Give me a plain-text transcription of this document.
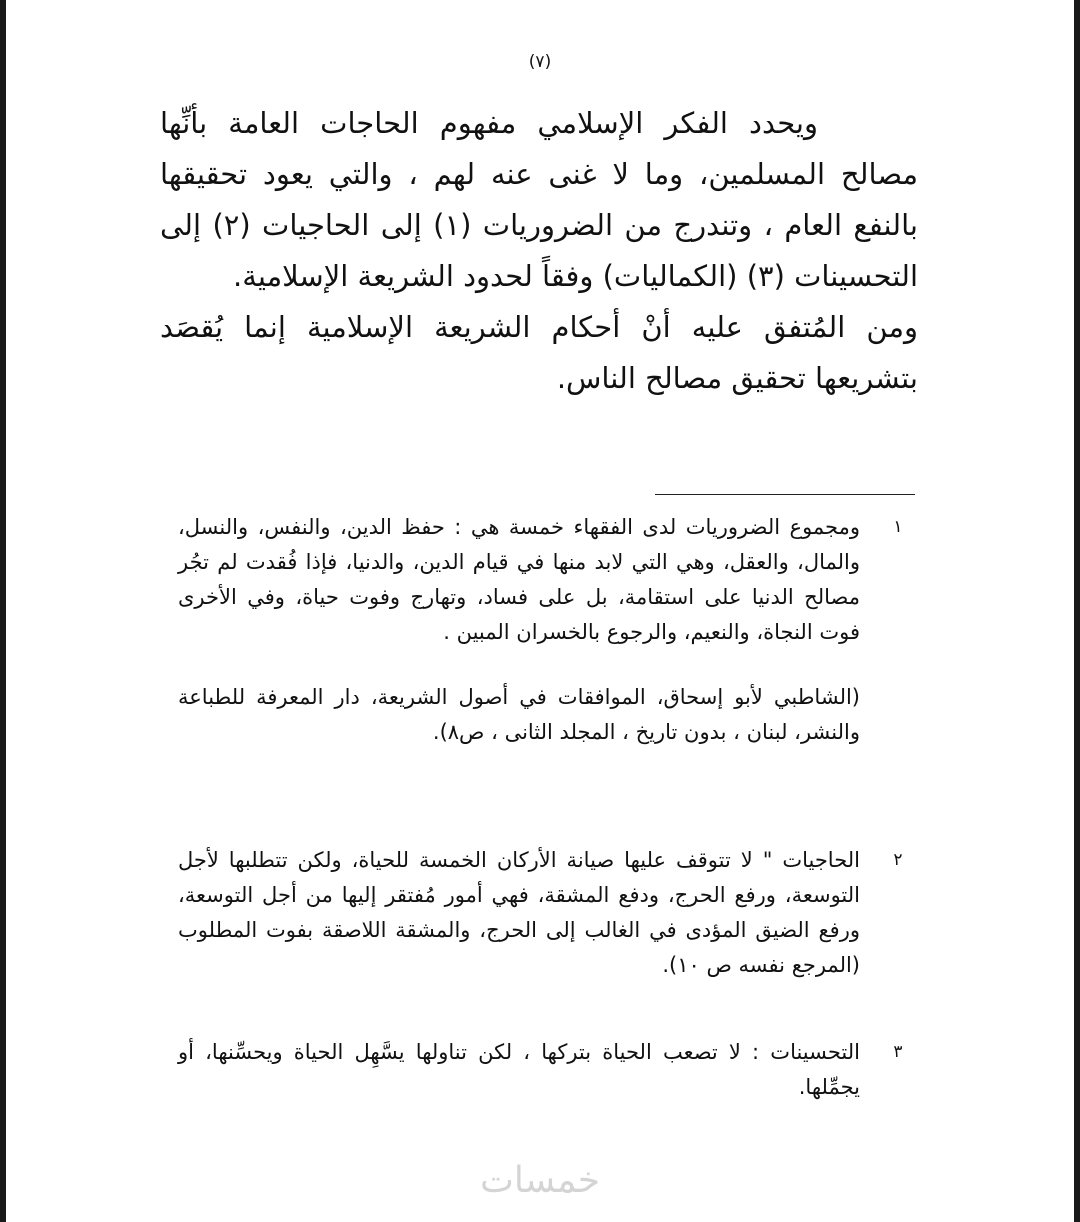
(٧)

ويحدد الفكر الإسلامي مفهوم الحاجات العامة بأنِّها مصالح المسلمين، وما لا غنى عنه لهم ، والتي يعود تحقيقها بالنفع العام ، وتندرج من الضروريات (١) إلى الحاجيات (٢) إلى التحسينات (٣) (الكماليات) وفقاً لحدود الشريعة الإسلامية.

ومن المُتفق عليه أنْ أحكام الشريعة الإسلامية إنما يُقصَد بتشريعها تحقيق مصالح الناس.

١

ومجموع الضروريات لدى الفقهاء خمسة هي : حفظ الدين، والنفس، والنسل، والمال، والعقل، وهي التي لابد منها في قيام الدين، والدنيا، فإذا فُقدت لم تجُر مصالح الدنيا على استقامة، بل على فساد، وتهارج وفوت حياة، وفي الأخرى فوت النجاة، والنعيم، والرجوع بالخسران المبين .

(الشاطبي لأبو إسحاق، الموافقات في أصول الشريعة، دار المعرفة للطباعة والنشر، لبنان ، بدون تاريخ ، المجلد الثانى ، ص٨).

٢

الحاجيات " لا تتوقف عليها صيانة الأركان الخمسة للحياة، ولكن تتطلبها لأجل التوسعة، ورفع الحرج، ودفع المشقة، فهي أمور مُفتقر إليها من أجل التوسعة، ورفع الضيق المؤدى في الغالب إلى الحرج، والمشقة اللاصقة بفوت المطلوب (المرجع نفسه ص ١٠).

٣

التحسينات : لا تصعب الحياة بتركها ، لكن تناولها يسَّهِل الحياة ويحسِّنها، أو يجمِّلها.

خمسات
